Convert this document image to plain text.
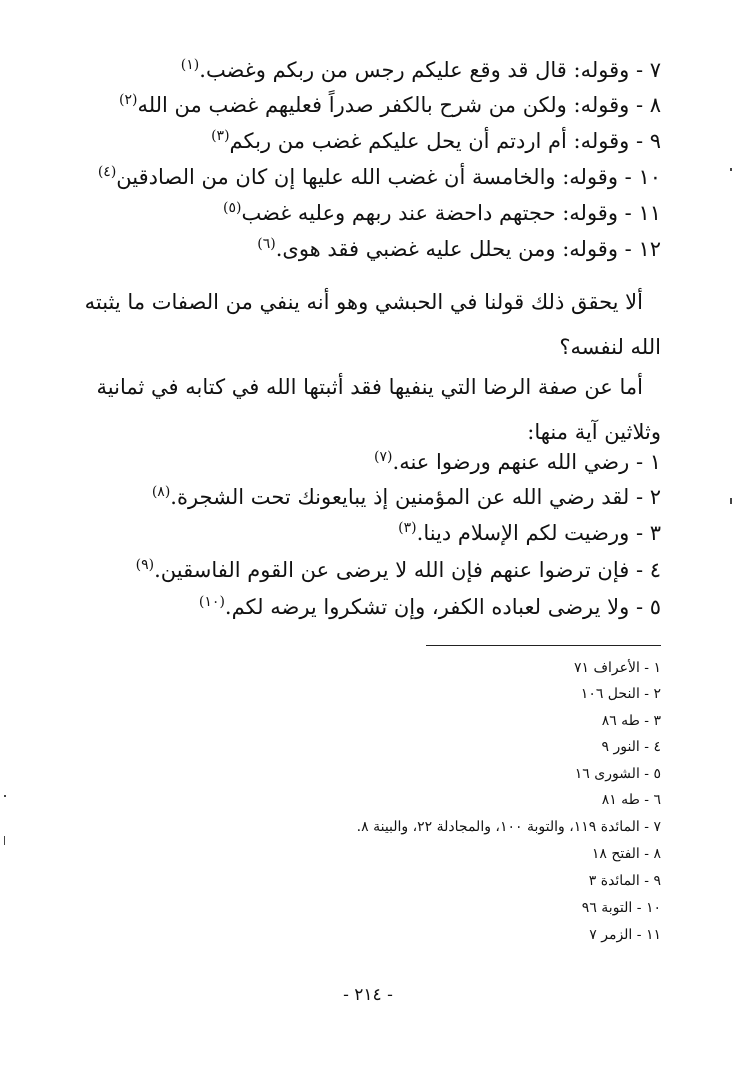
٧ - وقوله: قال قد وقع عليكم رجس من ربكم وغضب.$^{(١)}$
٨ - وقوله: ولكن من شرح بالكفر صدراً فعليهم غضب من الله$^{(٢)}$
٩ - وقوله: أم اردتم أن يحل عليكم غضب من ربكم$^{(٣)}$
١٠ - وقوله: والخامسة أن غضب الله عليها إن كان من الصادقين$^{(٤)}$
١١ - وقوله: حجتهم داحضة عند ربهم وعليه غضب$^{(٥)}$
١٢ - وقوله: ومن يحلل عليه غضبي فقد هوى.$^{(٦)}$
ألا يحقق ذلك قولنا في الحبشي وهو أنه ينفي من الصفات ما يثبته الله لنفسه؟
أما عن صفة الرضا التي ينفيها فقد أثبتها الله في كتابه في ثمانية وثلاثين آية منها:
١ - رضي الله عنهم ورضوا عنه.$^{(٧)}$
٢ - لقد رضي الله عن المؤمنين إذ يبايعونك تحت الشجرة.$^{(٨)}$
٣ - ورضيت لكم الإسلام دينا.$^{(٣)}$
٤ - فإن ترضوا عنهم فإن الله لا يرضى عن القوم الفاسقين.$^{(٩)}$
٥ - ولا يرضى لعباده الكفر، وإن تشكروا يرضه لكم.$^{(١٠)}$
١ - الأعراف ٧١
٢ - النحل ١٠٦
٣ - طه ٨٦
٤ - النور ٩
٥ - الشورى ١٦
٦ - طه ٨١
٧ - المائدة ١١٩، والتوبة ١٠٠، والمجادلة ٢٢، والبينة ٨.
٨ - الفتح ١٨
٩ - المائدة ٣
١٠ - التوبة ٩٦
١١ - الزمر ٧
- ٢١٤ -
